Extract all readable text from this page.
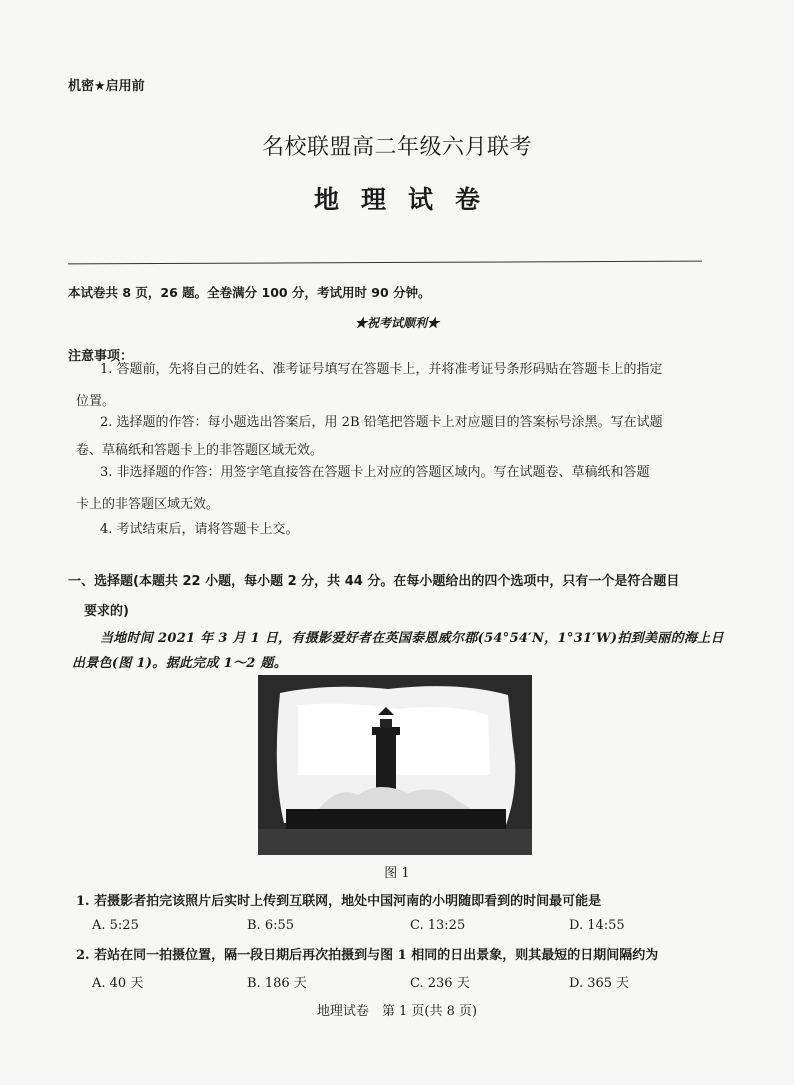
机密★启用前
名校联盟高二年级六月联考
地理试卷
本试卷共 8 页，26 题。全卷满分 100 分，考试用时 90 分钟。
★祝考试顺利★
注意事项：
1. 答题前，先将自己的姓名、准考证号填写在答题卡上，并将准考证号条形码贴在答题卡上的指定
位置。
2. 选择题的作答：每小题选出答案后，用 2B 铅笔把答题卡上对应题目的答案标号涂黑。写在试题
卷、草稿纸和答题卡上的非答题区域无效。
3. 非选择题的作答：用签字笔直接答在答题卡上对应的答题区域内。写在试题卷、草稿纸和答题
卡上的非答题区域无效。
4. 考试结束后，请将答题卡上交。
一、选择题(本题共 22 小题，每小题 2 分，共 44 分。在每小题给出的四个选项中，只有一个是符合题目
要求的)
当地时间 2021 年 3 月 1 日，有摄影爱好者在英国泰恩威尔郡(54°54′N，1°31′W)拍到美丽的海上日
出景色(图 1)。据此完成 1～2 题。
图 1
1. 若摄影者拍完该照片后实时上传到互联网，地处中国河南的小明随即看到的时间最可能是
A. 5:25	B. 6:55	C. 13:25	D. 14:55
2. 若站在同一拍摄位置，隔一段日期后再次拍摄到与图 1 相同的日出景象，则其最短的日期间隔约为
A. 40 天	B. 186 天	C. 236 天	D. 365 天
地理试卷　第 1 页(共 8 页)
